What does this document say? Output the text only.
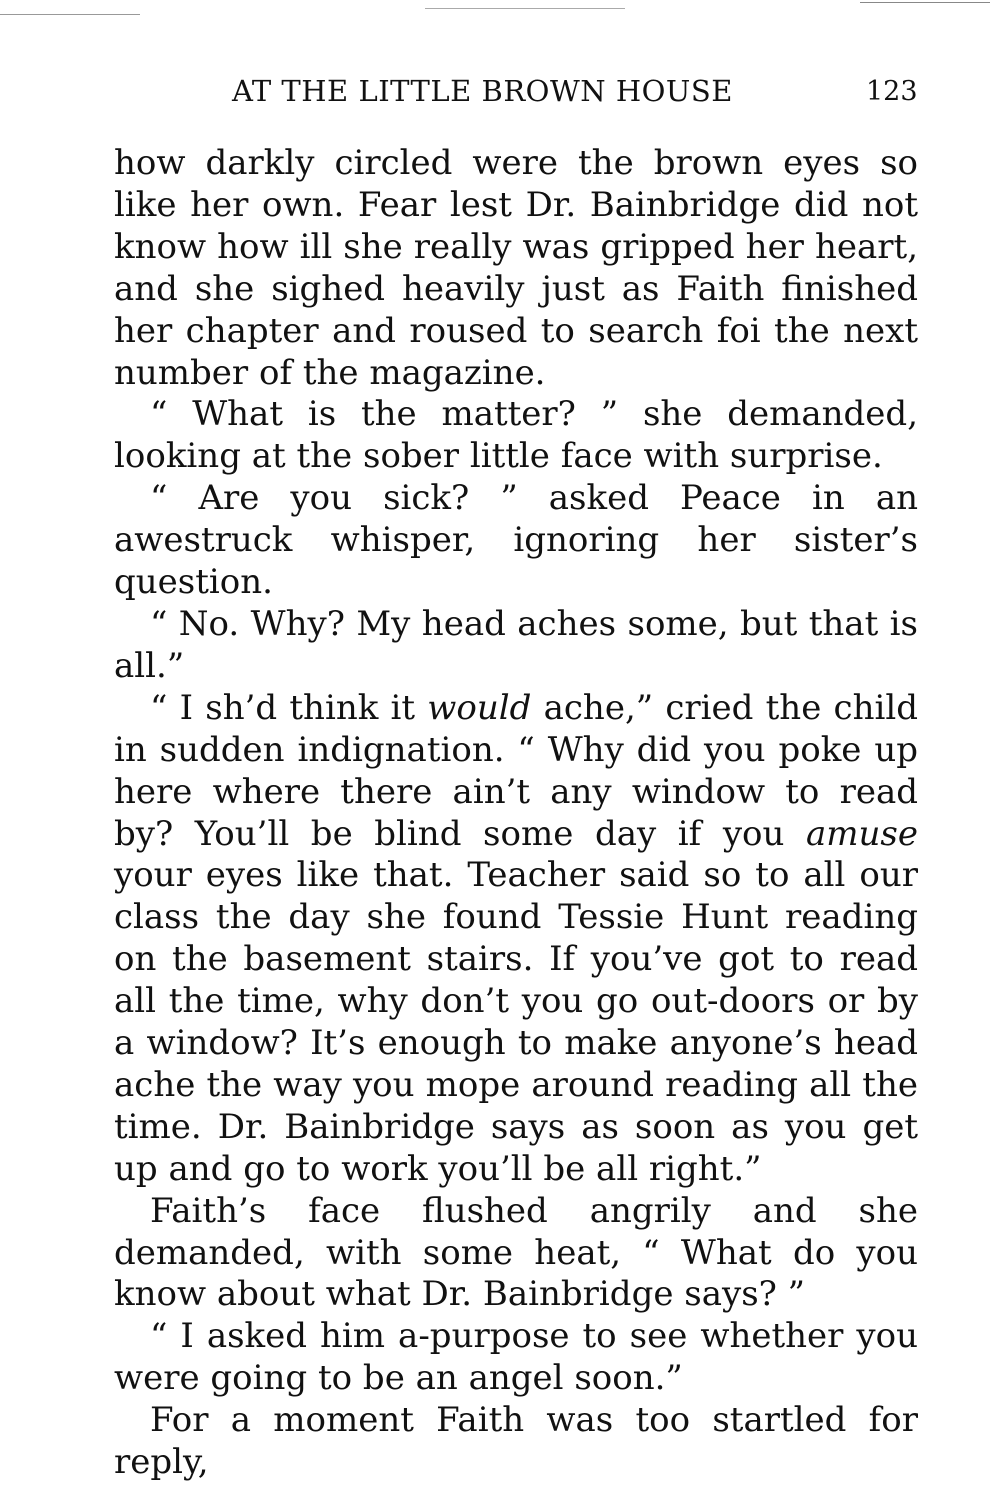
AT THE LITTLE BROWN HOUSE	123

how darkly circled were the brown eyes so like her own. Fear lest Dr. Bainbridge did not know how ill she really was gripped her heart, and she sighed heavily just as Faith finished her chapter and roused to search foi the next number of the magazine.

“ What is the matter? ” she demanded, looking at the sober little face with surprise.

“ Are you sick? ” asked Peace in an awestruck whisper, ignoring her sister’s question.

“ No. Why? My head aches some, but that is all.”

“ I sh’d think it would ache,” cried the child in sudden indignation. “ Why did you poke up here where there ain’t any window to read by? You’ll be blind some day if you amuse your eyes like that. Teacher said so to all our class the day she found Tessie Hunt reading on the basement stairs. If you’ve got to read all the time, why don’t you go out-doors or by a window? It’s enough to make anyone’s head ache the way you mope around reading all the time. Dr. Bainbridge says as soon as you get up and go to work you’ll be all right.”

Faith’s face flushed angrily and she demanded, with some heat, “ What do you know about what Dr. Bainbridge says? ”

“ I asked him a-purpose to see whether you were going to be an angel soon.”

For a moment Faith was too startled for reply,
